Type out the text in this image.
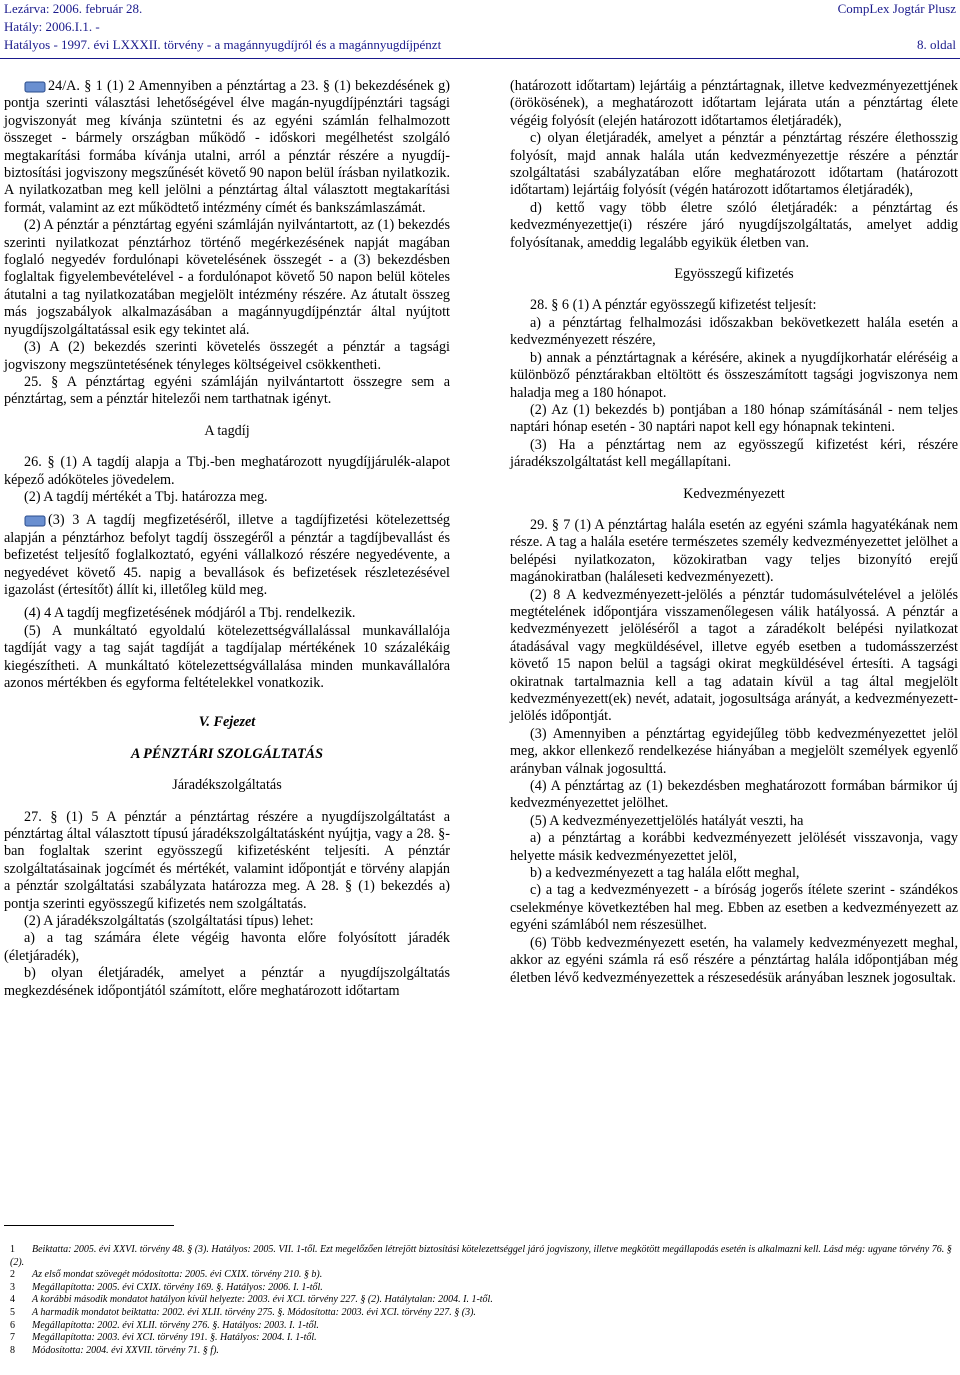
Lezárva: 2006. február 28.	CompLex Jogtár Plusz
Hatály: 2006.I.1. -
Hatályos - 1997. évi LXXXII. törvény - a magánnyugdíjról és a magánnyugdíjpénzt	8. oldal

24/A. § 1 (1) 2 Amennyiben a pénztártag a 23. § (1) bekezdésének g) pontja szerinti választási lehetőségével élve magán-nyugdíjpénztári tagsági jogviszonyát meg kívánja szüntetni és az egyéni számlán felhalmozott összeget - bármely országban működő - időskori megélhetést szolgáló megtakarítási formába kívánja utalni, arról a pénztár részére a nyugdíj-biztosítási jogviszony megszűnését követő 90 napon belül írásban nyilatkozik. A nyilatkozatban meg kell jelölni a pénztártag által választott megtakarítási formát, valamint az ezt működtető intézmény címét és bankszámlaszámát.

(2) A pénztár a pénztártag egyéni számláján nyilvántartott, az (1) bekezdés szerinti nyilatkozat pénztárhoz történő megérkezésének napját magában foglaló negyedév fordulónapi követelésének összegét - a (3) bekezdésben foglaltak figyelembevételével - a fordulónapot követő 50 napon belül köteles átutalni a tag nyilatkozatában megjelölt intézmény részére. Az átutalt összeg más jogszabályok alkalmazásában a magánnyugdíjpénztár által nyújtott nyugdíjszolgáltatással esik egy tekintet alá.

(3) A (2) bekezdés szerinti követelés összegét a pénztár a tagsági jogviszony megszüntetésének tényleges költségeivel csökkentheti.

25. § A pénztártag egyéni számláján nyilvántartott összegre sem a pénztártag, sem a pénztár hitelezői nem tarthatnak igényt.

A tagdíj

26. § (1) A tagdíj alapja a Tbj.-ben meghatározott nyugdíjjárulék-alapot képező adóköteles jövedelem.

(2) A tagdíj mértékét a Tbj. határozza meg.

(3) 3 A tagdíj megfizetéséről, illetve a tagdíjfizetési kötelezettség alapján a pénztárhoz befolyt tagdíj összegéről a pénztár a tagdíjbevallást és befizetést teljesítő foglalkoztató, egyéni vállalkozó részére negyedévente, a negyedévet követő 45. napig a bevallások és befizetések részletezésével igazolást (értesítőt) állít ki, illetőleg küld meg.

(4) 4 A tagdíj megfizetésének módjáról a Tbj. rendelkezik.

(5) A munkáltató egyoldalú kötelezettségvállalással munkavállalója tagdíját vagy a tag saját tagdíját a tagdíjalap mértékének 10 százalékáig kiegészítheti. A munkáltató kötelezettségvállalása minden munkavállalóra azonos mértékben és egyforma feltételekkel vonatkozik.

V. Fejezet

A PÉNZTÁRI SZOLGÁLTATÁS

Járadékszolgáltatás

27. § (1) 5 A pénztár a pénztártag részére a nyugdíjszolgáltatást a pénztártag által választott típusú járadékszolgáltatásként nyújtja, vagy a 28. §-ban foglaltak szerint egyösszegű kifizetésként teljesíti. A pénztár szolgáltatásainak jogcímét és mértékét, valamint időpontját e törvény alapján a pénztár szolgáltatási szabályzata határozza meg. A 28. § (1) bekezdés a) pontja szerinti egyösszegű kifizetés nem szolgáltatás.

(2) A járadékszolgáltatás (szolgáltatási típus) lehet:

a) a tag számára élete végéig havonta előre folyósított járadék (életjáradék),

b) olyan életjáradék, amelyet a pénztár a nyugdíjszolgáltatás megkezdésének időpontjától számított, előre meghatározott időtartam

(határozott időtartam) lejártáig a pénztártagnak, illetve kedvezményezettjének (örökösének), a meghatározott időtartam lejárata után a pénztártag élete végéig folyósít (elején határozott időtartamos életjáradék),

c) olyan életjáradék, amelyet a pénztár a pénztártag részére élethosszig folyósít, majd annak halála után kedvezményezettje részére a pénztár szolgáltatási szabályzatában előre meghatározott időtartam (határozott időtartam) lejártáig folyósít (végén határozott időtartamos életjáradék),

d) kettő vagy több életre szóló életjáradék: a pénztártag és kedvezményezettje(i) részére járó nyugdíjszolgáltatás, amelyet addig folyósítanak, ameddig legalább egyikük életben van.

Egyösszegű kifizetés

28. § 6 (1) A pénztár egyösszegű kifizetést teljesít:

a) a pénztártag felhalmozási időszakban bekövetkezett halála esetén a kedvezményezett részére,

b) annak a pénztártagnak a kérésére, akinek a nyugdíjkorhatár eléréséig a különböző pénztárakban eltöltött és összeszámított tagsági jogviszonya nem haladja meg a 180 hónapot.

(2) Az (1) bekezdés b) pontjában a 180 hónap számításánál - nem teljes naptári hónap esetén - 30 naptári napot kell egy hónapnak tekinteni.

(3) Ha a pénztártag nem az egyösszegű kifizetést kéri, részére járadékszolgáltatást kell megállapítani.

Kedvezményezett

29. § 7 (1) A pénztártag halála esetén az egyéni számla hagyatékának nem része. A tag a halála esetére természetes személy kedvezményezettet jelölhet a belépési nyilatkozaton, közokiratban vagy teljes bizonyító erejű magánokiratban (haláleseti kedvezményezett).

(2) 8 A kedvezményezett-jelölés a pénztár tudomásulvételével a jelölés megtételének időpontjára visszamenőlegesen válik hatályossá. A pénztár a kedvezményezett jelöléséről a tagot a záradékolt belépési nyilatkozat átadásával vagy megküldésével, illetve egyéb esetben a tudomásszerzést követő 15 napon belül a tagsági okirat megküldésével értesíti. A tagsági okiratnak tartalmaznia kell a tag adatain kívül a tag által megjelölt kedvezményezett(ek) nevét, adatait, jogosultsága arányát, a kedvezményezett-jelölés időpontját.

(3) Amennyiben a pénztártag egyidejűleg több kedvezményezettet jelöl meg, akkor ellenkező rendelkezése hiányában a megjelölt személyek egyenlő arányban válnak jogosulttá.

(4) A pénztártag az (1) bekezdésben meghatározott formában bármikor új kedvezményezettet jelölhet.

(5) A kedvezményezettjelölés hatályát veszti, ha

a) a pénztártag a korábbi kedvezményezett jelölését visszavonja, vagy helyette másik kedvezményezettet jelöl,

b) a kedvezményezett a tag halála előtt meghal,

c) a tag a kedvezményezett - a bíróság jogerős ítélete szerint - szándékos cselekménye következtében hal meg. Ebben az esetben a kedvezményezett az egyéni számlából nem részesülhet.

(6) Több kedvezményezett esetén, ha valamely kedvezményezett meghal, akkor az egyéni számla rá eső részére a pénztártag halála időpontjában még életben lévő kedvezményezettek a részesedésük arányában lesznek jogosultak.

1 Beiktatta: 2005. évi XXVI. törvény 48. § (3). Hatályos: 2005. VII. 1-től. Ezt megelőzően létrejött biztosítási kötelezettséggel járó jogviszony, illetve megkötött megállapodás esetén is alkalmazni kell. Lásd még: ugyane törvény 76. § (2).
2 Az első mondat szövegét módosította: 2005. évi CXIX. törvény 210. § b).
3 Megállapította: 2005. évi CXIX. törvény 169. §. Hatályos: 2006. I. 1-től.
4 A korábbi második mondatot hatályon kívül helyezte: 2003. évi XCI. törvény 227. § (2). Hatálytalan: 2004. I. 1-től.
5 A harmadik mondatot beiktatta: 2002. évi XLII. törvény 275. §. Módosította: 2003. évi XCI. törvény 227. § (3).
6 Megállapította: 2002. évi XLII. törvény 276. §. Hatályos: 2003. I. 1-től.
7 Megállapította: 2003. évi XCI. törvény 191. §. Hatályos: 2004. I. 1-től.
8 Módosította: 2004. évi XXVII. törvény 71. § f).
